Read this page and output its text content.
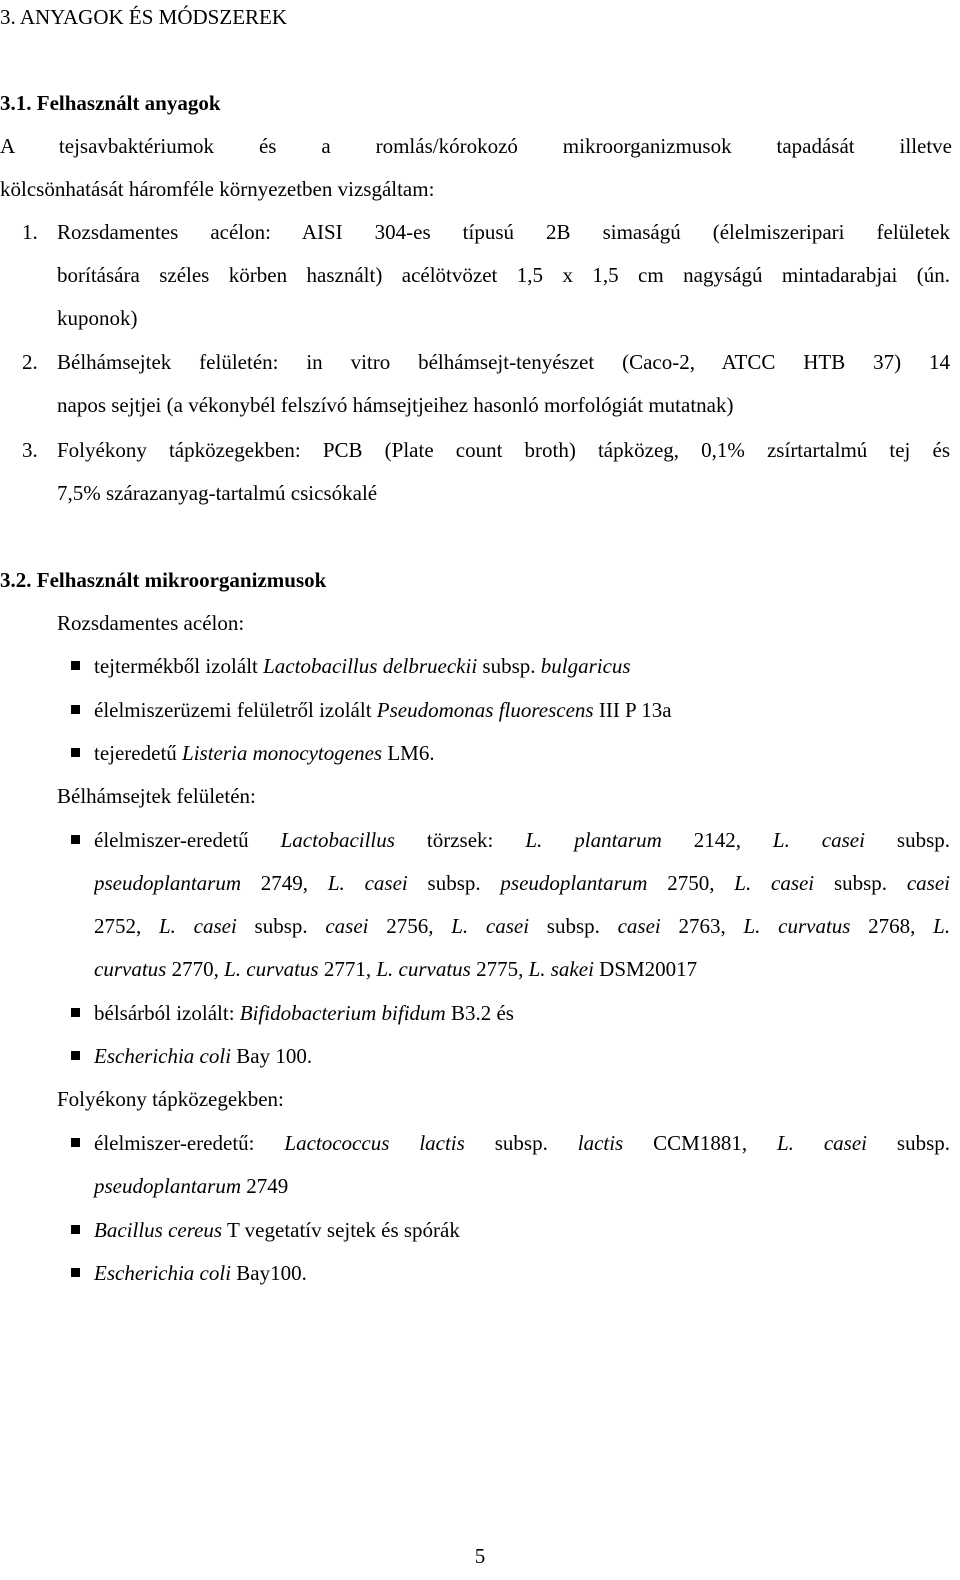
3. ANYAGOK ÉS MÓDSZEREK
3.1. Felhasznált anyagok
A tejsavbaktériumok és a romlás/kórokozó mikroorganizmusok tapadását illetve
kölcsönhatását háromféle környezetben vizsgáltam:
1. Rozsdamentes acélon: AISI 304-es típusú 2B simaságú (élelmiszeripari felületek
borítására széles körben használt) acélötvözet 1,5 x 1,5 cm nagyságú mintadarabjai (ún.
kuponok)
2. Bélhámsejtek felületén: in vitro bélhámsejt-tenyészet (Caco-2, ATCC HTB 37) 14
napos sejtjei (a vékonybél felszívó hámsejtjeihez hasonló morfológiát mutatnak)
3. Folyékony tápközegekben: PCB (Plate count broth) tápközeg, 0,1% zsírtartalmú tej és
7,5% szárazanyag-tartalmú csicsókalé
3.2. Felhasznált mikroorganizmusok
Rozsdamentes acélon:
tejtermékből izolált Lactobacillus delbrueckii subsp. bulgaricus
élelmiszerüzemi felületről izolált Pseudomonas fluorescens III P 13a
tejeredetű Listeria monocytogenes LM6.
Bélhámsejtek felületén:
élelmiszer-eredetű Lactobacillus törzsek: L. plantarum 2142, L. casei subsp.
pseudoplantarum 2749, L. casei subsp. pseudoplantarum 2750, L. casei subsp. casei
2752, L. casei subsp. casei 2756, L. casei subsp. casei 2763, L. curvatus 2768, L.
curvatus 2770, L. curvatus 2771, L. curvatus 2775, L. sakei DSM20017
bélsárból izolált: Bifidobacterium bifidum B3.2 és
Escherichia coli Bay 100.
Folyékony tápközegekben:
élelmiszer-eredetű: Lactococcus lactis subsp. lactis CCM1881, L. casei subsp.
pseudoplantarum 2749
Bacillus cereus T vegetatív sejtek és spórák
Escherichia coli Bay100.
5
